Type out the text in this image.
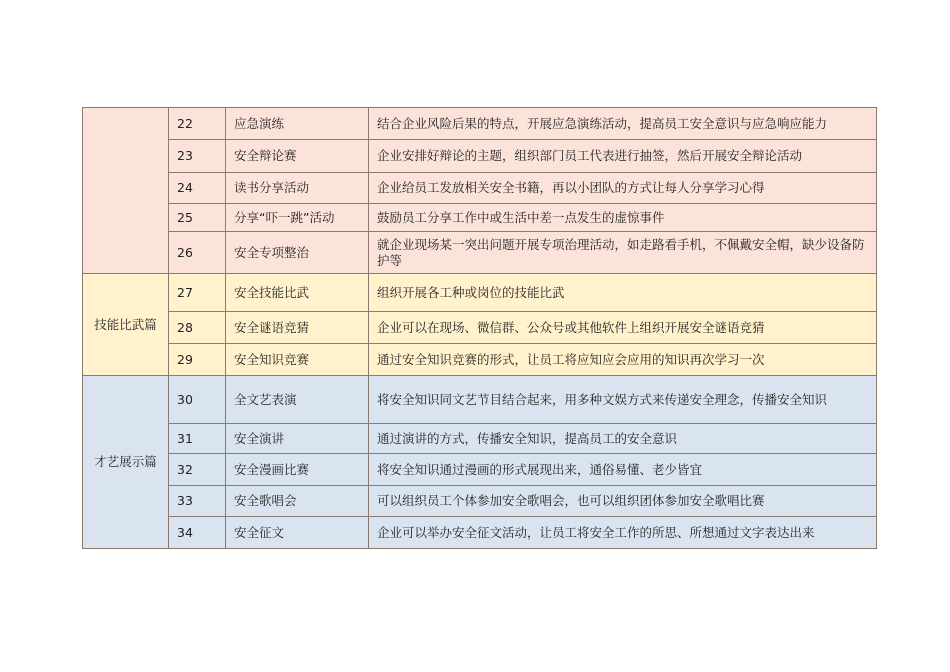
	22	应急演练	结合企业风险后果的特点，开展应急演练活动，提高员工安全意识与应急响应能力
	23	安全辩论赛	企业安排好辩论的主题，组织部门员工代表进行抽签，然后开展安全辩论活动
	24	读书分享活动	企业给员工发放相关安全书籍，再以小团队的方式让每人分享学习心得
	25	分享“吓一跳”活动	鼓励员工分享工作中或生活中差一点发生的虚惊事件
	26	安全专项整治	就企业现场某一突出问题开展专项治理活动，如走路看手机，不佩戴安全帽，缺少设备防护等
技能比武篇	27	安全技能比武	组织开展各工种或岗位的技能比武
	28	安全谜语竞猜	企业可以在现场、微信群、公众号或其他软件上组织开展安全谜语竞猜
	29	安全知识竞赛	通过安全知识竞赛的形式，让员工将应知应会应用的知识再次学习一次
才艺展示篇	30	全文艺表演	将安全知识同文艺节目结合起来，用多种文娱方式来传递安全理念，传播安全知识
	31	安全演讲	通过演讲的方式，传播安全知识，提高员工的安全意识
	32	安全漫画比赛	将安全知识通过漫画的形式展现出来，通俗易懂、老少皆宜
	33	安全歌唱会	可以组织员工个体参加安全歌唱会，也可以组织团体参加安全歌唱比赛
	34	安全征文	企业可以举办安全征文活动，让员工将安全工作的所思、所想通过文字表达出来
